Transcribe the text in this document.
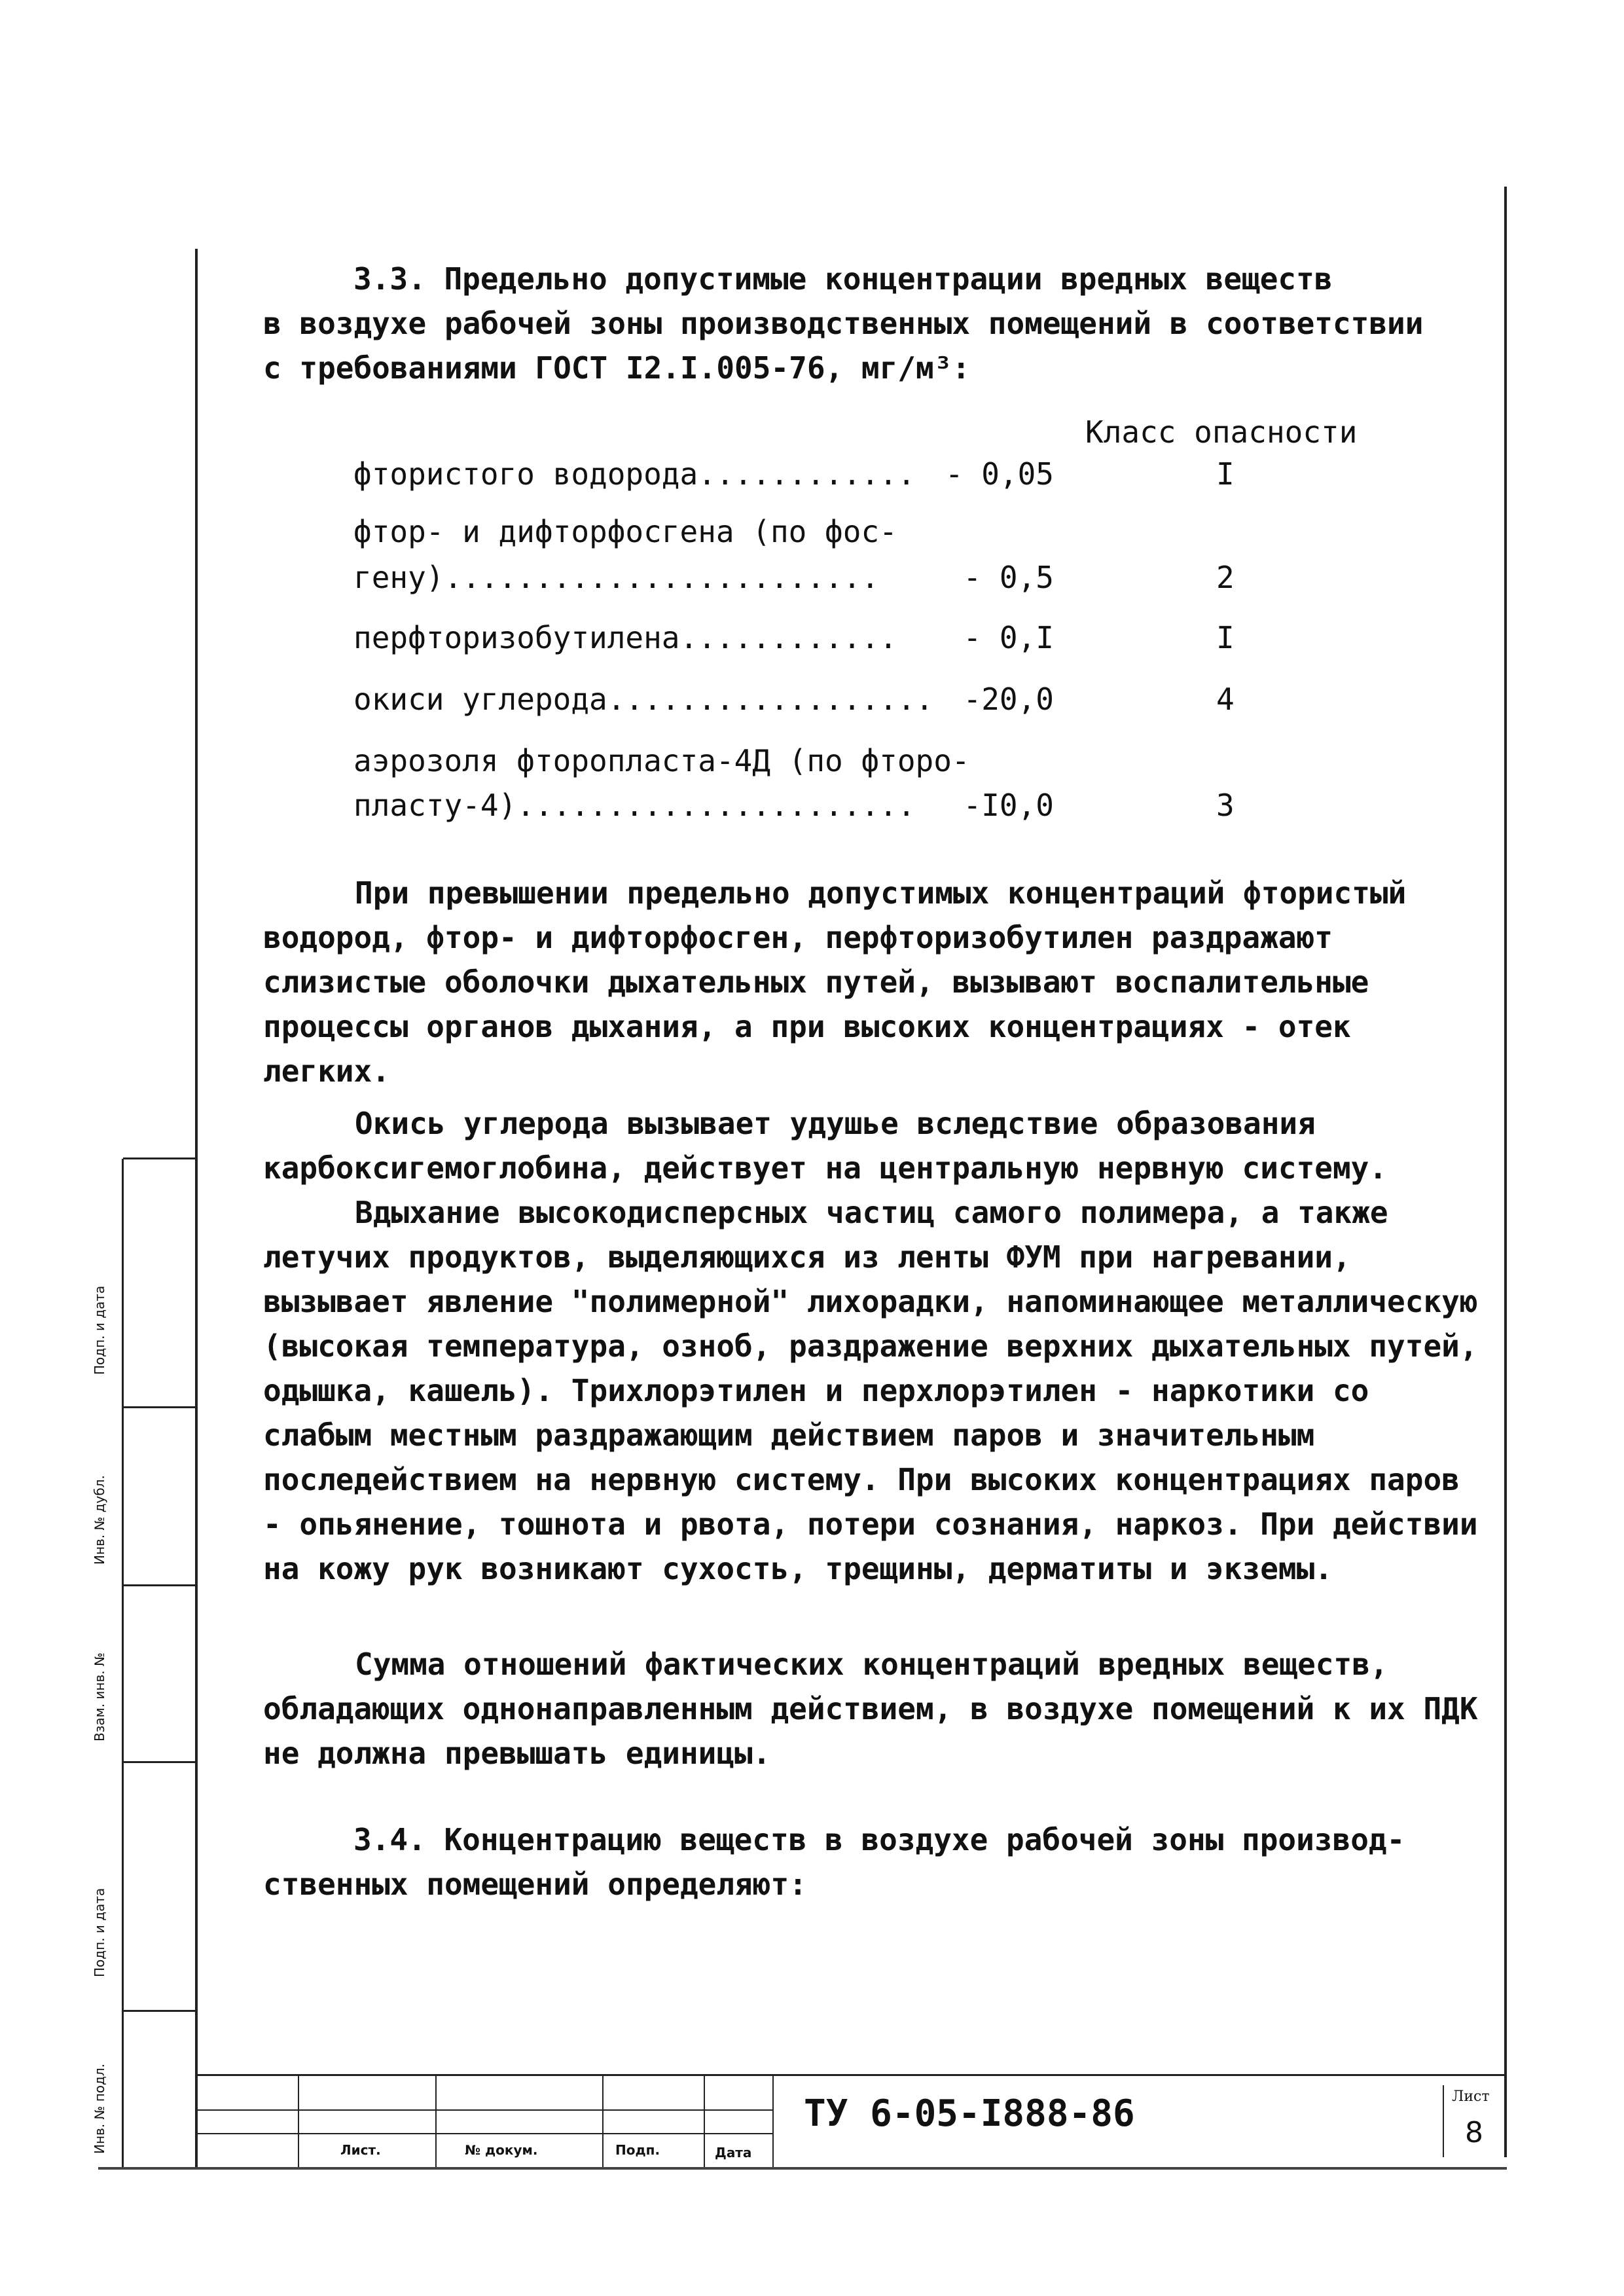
3.3. Предельно допустимые концентрации вредных веществ
в воздухе рабочей зоны производственных помещений в соответствии
с требованиями ГОСТ I2.I.005-76, мг/м³:
Класс опасности
фтористого водорода............ - 0,05	I
фтор- и дифторфосгена (по фос-
гену)........................	- 0,5	2
перфторизобутилена............	- 0,I	I
окиси углерода.................. -20,0	4
аэрозоля фторопласта-4Д (по фторо-
пласту-4)......................	-I0,0	3
При превышении предельно допустимых концентраций фтористый водород, фтор- и дифторфосген, перфторизобутилен раздражают слизистые оболочки дыхательных путей, вызывают воспалительные процессы органов дыхания, а при высоких концентрациях - отек легких.
Окись углерода вызывает удушье вследствие образования карбоксигемоглобина, действует на центральную нервную систему.
Вдыхание высокодисперсных частиц самого полимера, а также летучих продуктов, выделяющихся из ленты ФУМ при нагревании, вызывает явление "полимерной" лихорадки, напоминающее металлическую (высокая температура, озноб, раздражение верхних дыхательных путей, одышка, кашель). Трихлорэтилен и перхлорэтилен - наркотики со слабым местным раздражающим действием паров и значительным последействием на нервную систему. При высоких концентрациях паров - опьянение, тошнота и рвота, потери сознания, наркоз. При действии на кожу рук возникают сухость, трещины, дерматиты и экземы.
Сумма отношений фактических концентраций вредных веществ, обладающих однонаправленным действием, в воздухе помещений к их ПДК не должна превышать единицы.
3.4. Концентрацию веществ в воздухе рабочей зоны производ-
ственных помещений определяют:
Подп. и дата
Инв. № дубл.
Взам. инв. №
Подп. и дата
Инв. № подл.	Лист.	№ докум.	Подп.	Дата
ТУ 6-05-I888-86	Лист
8
